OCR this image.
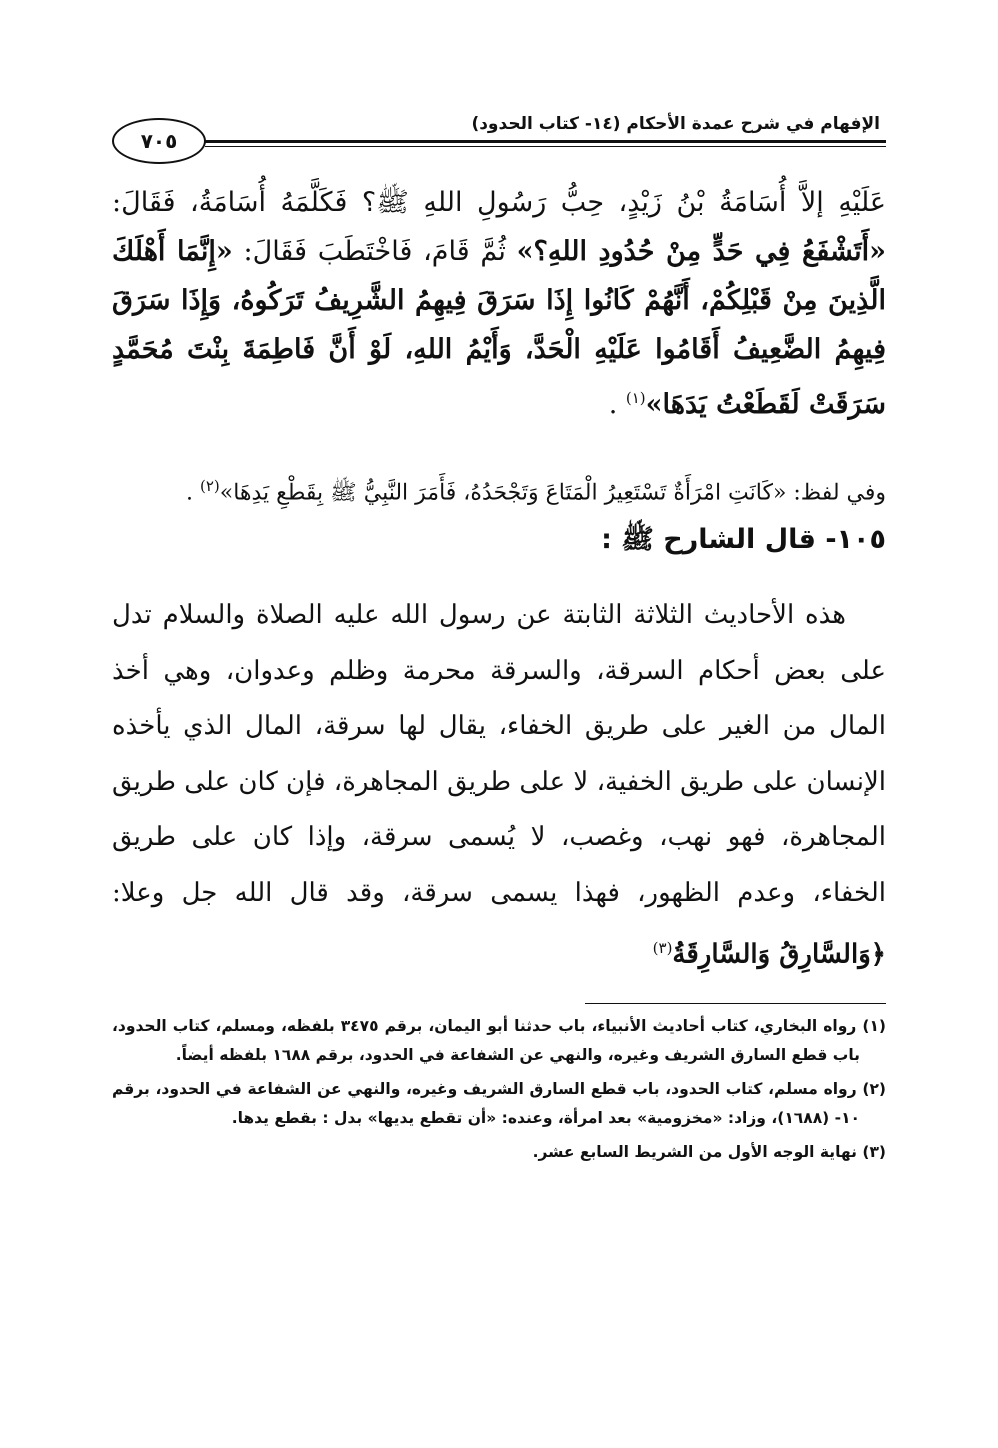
الإفهام في شرح عمدة الأحكام (١٤- كتاب الحدود)
٧٠٥

عَلَيْهِ إلاَّ أُسَامَةُ بْنُ زَيْدٍ، حِبُّ رَسُولِ اللهِ ﷺ؟ فَكَلَّمَهُ أُسَامَةُ، فَقَالَ: «أَتَشْفَعُ فِي حَدٍّ مِنْ حُدُودِ اللهِ؟» ثُمَّ قَامَ، فَاخْتَطَبَ فَقَالَ: «إِنَّمَا أَهْلَكَ الَّذِينَ مِنْ قَبْلِكُمْ، أَنَّهُمْ كَانُوا إِذَا سَرَقَ فِيهِمُ الشَّرِيفُ تَرَكُوهُ، وَإِذَا سَرَقَ فِيهِمُ الضَّعِيفُ أَقَامُوا عَلَيْهِ الْحَدَّ، وَأَيْمُ اللهِ، لَوْ أَنَّ فَاطِمَةَ بِنْتَ مُحَمَّدٍ سَرَقَتْ لَقَطَعْتُ يَدَهَا»$^{(١)}$ .

وفي لفظ: «كَانَتِ امْرَأَةٌ تَسْتَعِيرُ الْمَتَاعَ وَتَجْحَدُهُ، فَأَمَرَ النَّبِيُّ ﷺ بِقَطْعِ يَدِهَا»$^{(٢)}$ .
١٠٥- قال الشارح ﷺ :

هذه الأحاديث الثلاثة الثابتة عن رسول الله عليه الصلاة والسلام تدل على بعض أحكام السرقة، والسرقة محرمة وظلم وعدوان، وهي أخذ المال من الغير على طريق الخفاء، يقال لها سرقة، المال الذي يأخذه الإنسان على طريق الخفية، لا على طريق المجاهرة، فإن كان على طريق المجاهرة، فهو نهب، وغصب، لا يُسمى سرقة، وإذا كان على طريق الخفاء، وعدم الظهور، فهذا يسمى سرقة، وقد قال الله جل وعلا: ﴿وَالسَّارِقُ وَالسَّارِقَةُ$^{(٣)}$

(١) رواه البخاري، كتاب أحاديث الأنبياء، باب حدثنا أبو اليمان، برقم ٣٤٧٥ بلفظه، ومسلم، كتاب الحدود، باب قطع السارق الشريف وغيره، والنهي عن الشفاعة في الحدود، برقم ١٦٨٨ بلفظه أيضاً.

(٢) رواه مسلم، كتاب الحدود، باب قطع السارق الشريف وغيره، والنهي عن الشفاعة في الحدود، برقم ١٠- (١٦٨٨)، وزاد: «مخزومية» بعد امرأة، وعنده: «أن تقطع يديها» بدل : بقطع يدها.

(٣) نهاية الوجه الأول من الشريط السابع عشر.
